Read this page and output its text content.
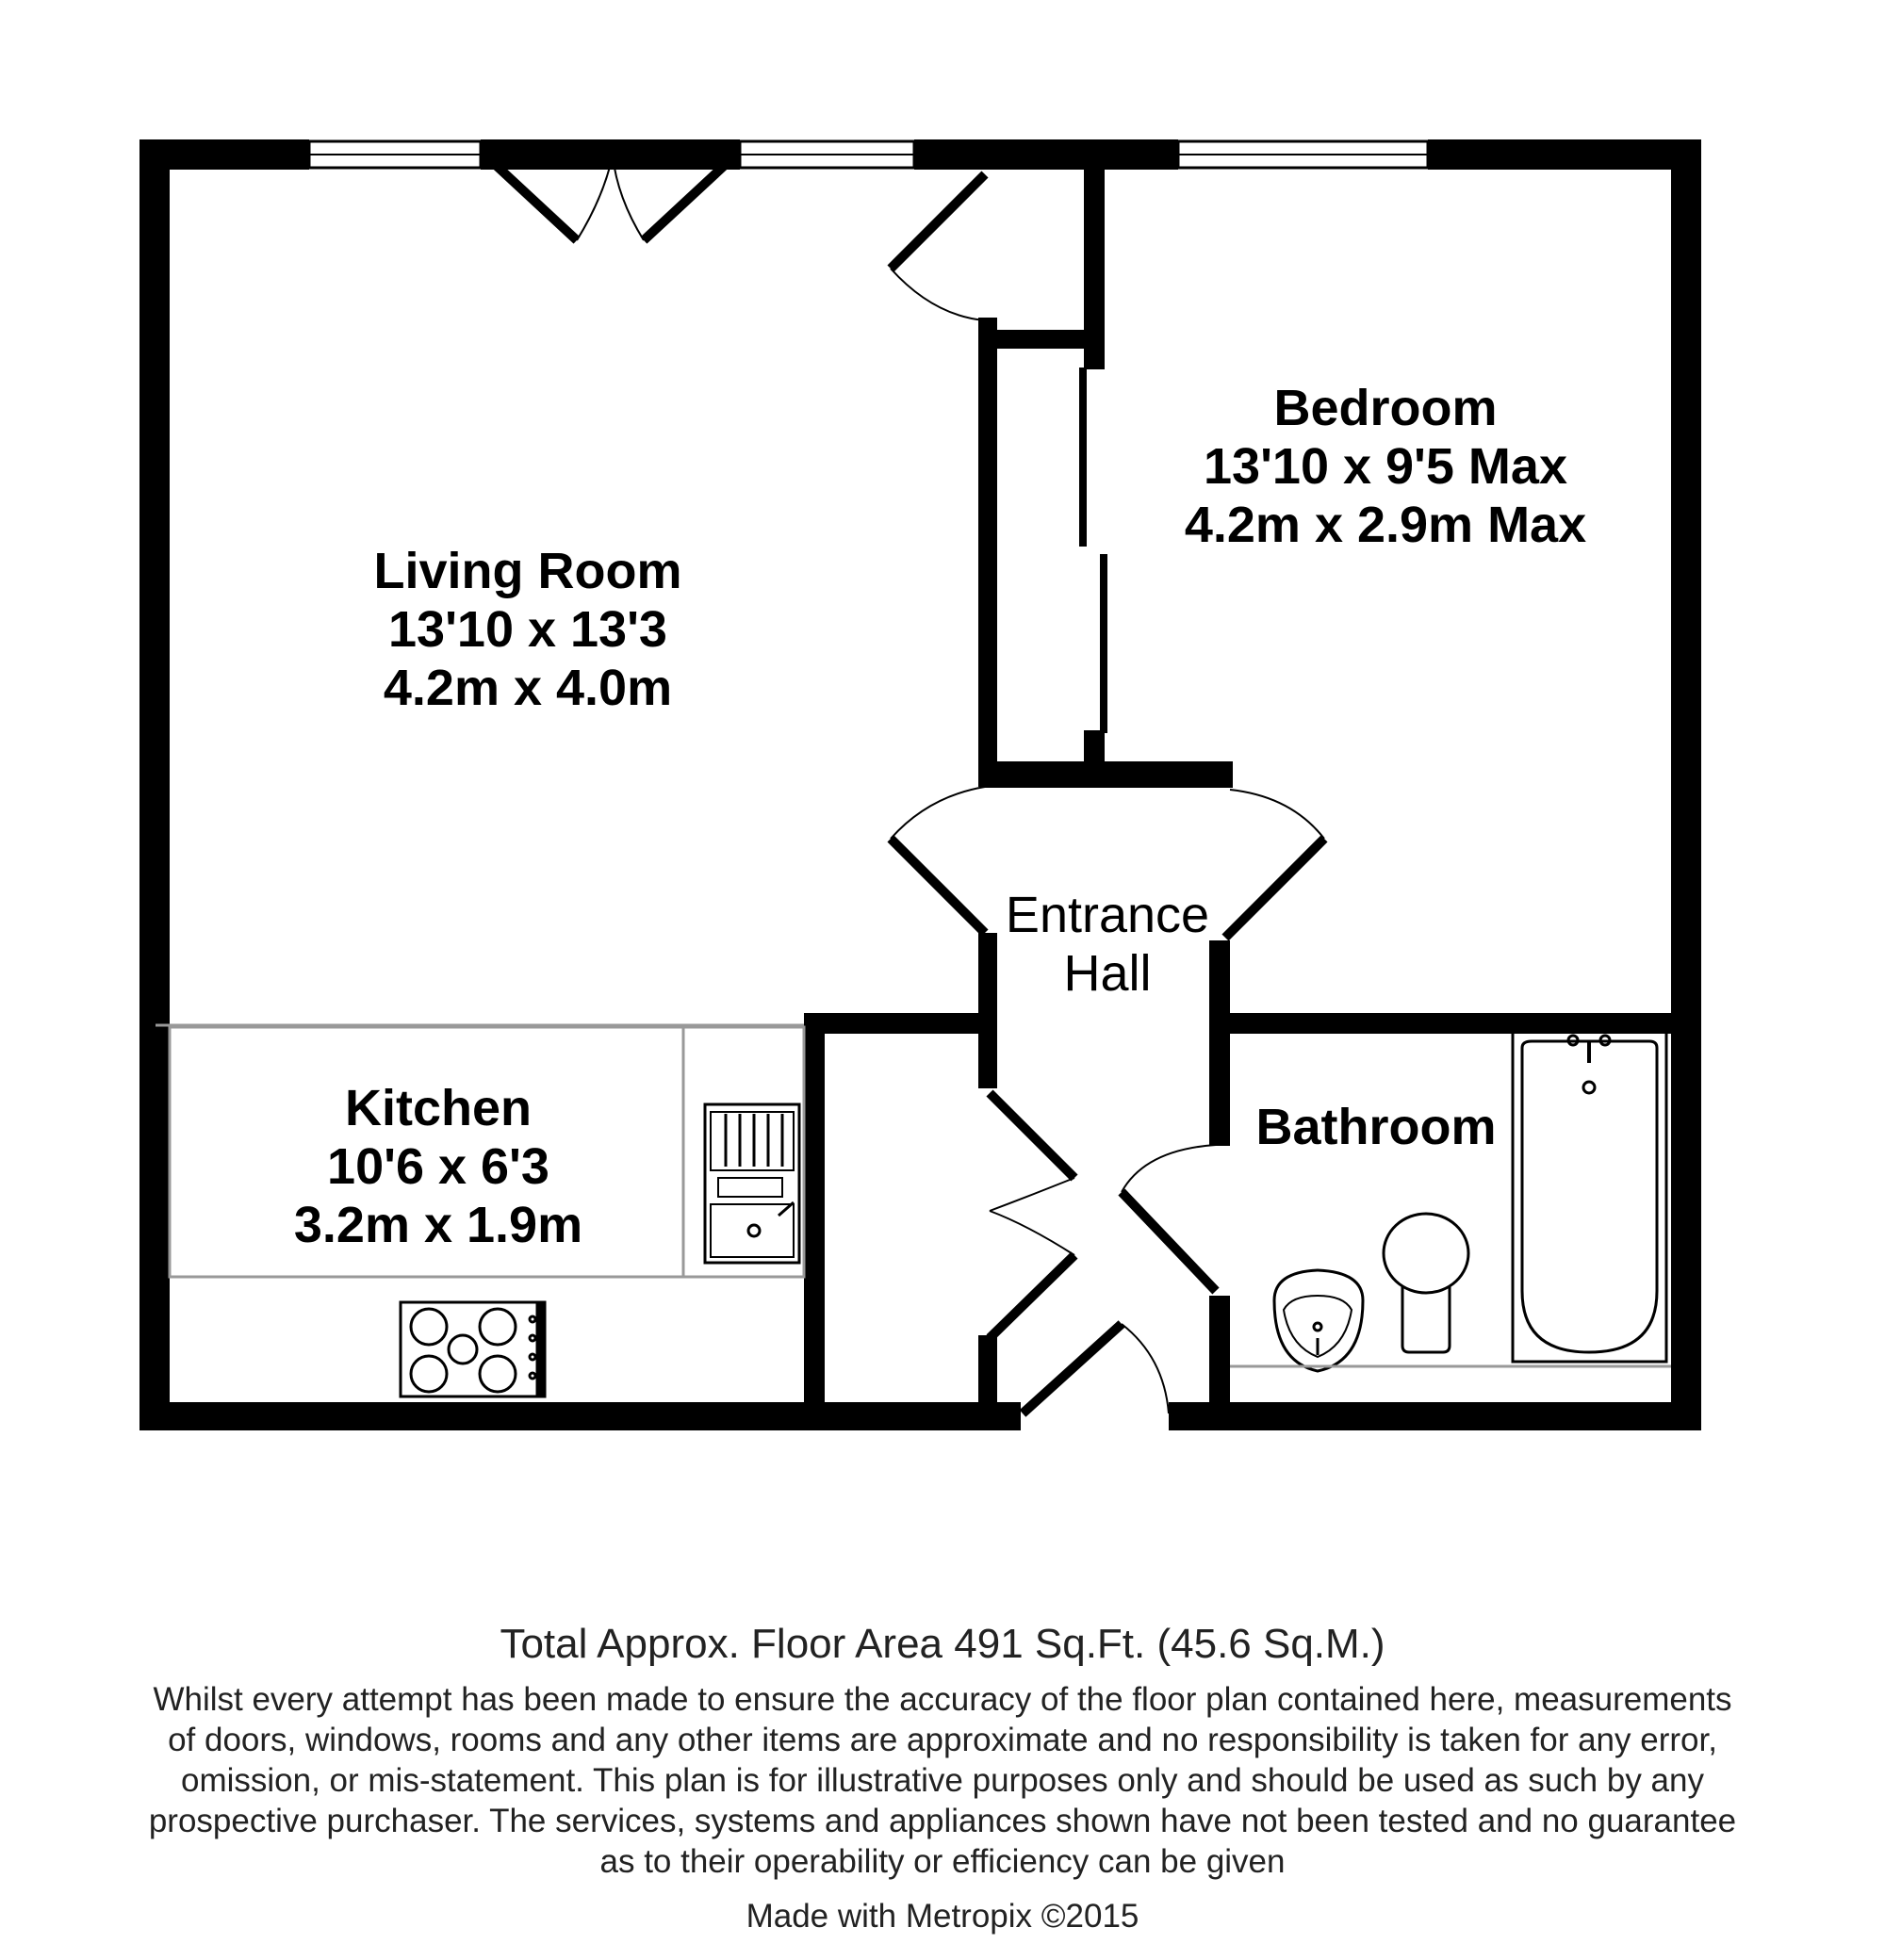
Living Room
13'10 x 13'3
4.2m x 4.0m
Bedroom
13'10 x 9'5 Max
4.2m x 2.9m Max
Kitchen
10'6 x 6'3
3.2m x 1.9m
Entrance
Hall
Bathroom
Total Approx. Floor Area 491 Sq.Ft. (45.6 Sq.M.)
Whilst every attempt has been made to ensure the accuracy of the floor plan contained here, measurements
of doors, windows, rooms and any other items are approximate and no responsibility is taken for any error,
omission, or mis-statement. This plan is for illustrative purposes only and should be used as such by any
prospective purchaser. The services, systems and appliances shown have not been tested and no guarantee
as to their operability or efficiency can be given
Made with Metropix ©2015
